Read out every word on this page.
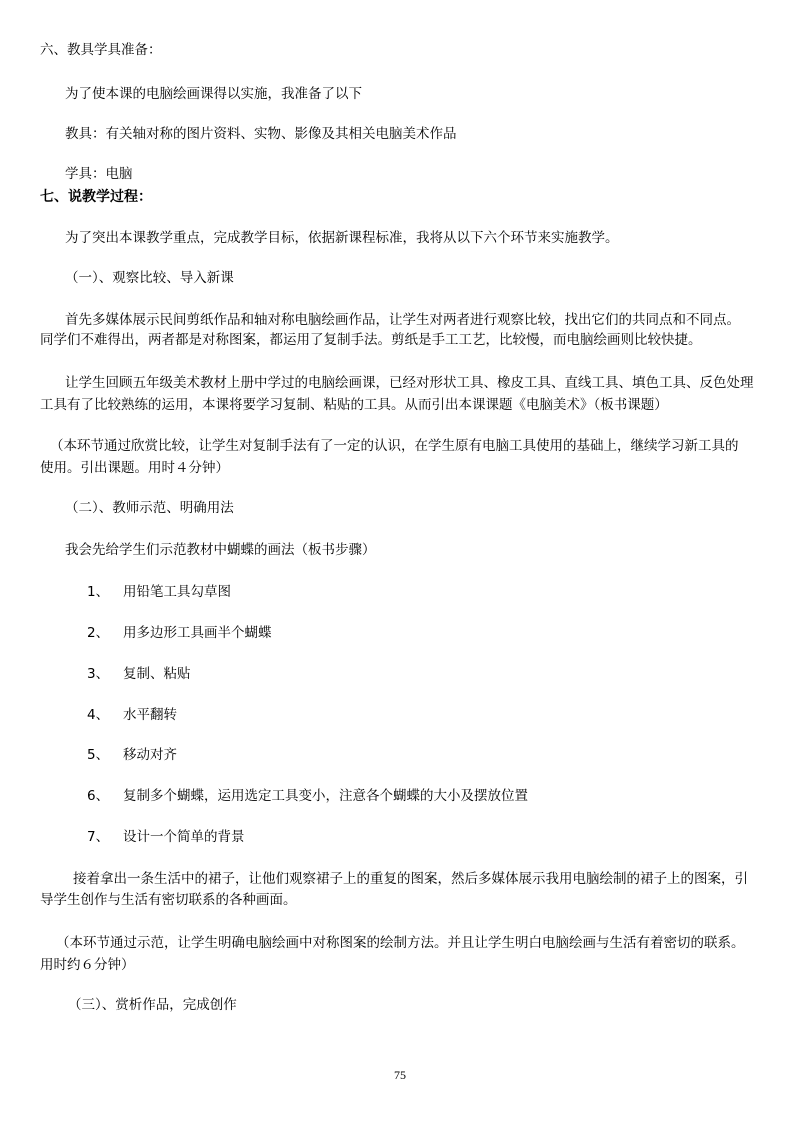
六、教具学具准备：

为了使本课的电脑绘画课得以实施，我准备了以下

教具：有关轴对称的图片资料、实物、影像及其相关电脑美术作品

学具：电脑

七、说教学过程：

为了突出本课教学重点，完成教学目标，依据新课程标准，我将从以下六个环节来实施教学。

（一）、观察比较、导入新课

首先多媒体展示民间剪纸作品和轴对称电脑绘画作品，让学生对两者进行观察比较，找出它们的共同点和不同点。

同学们不难得出，两者都是对称图案，都运用了复制手法。剪纸是手工工艺，比较慢，而电脑绘画则比较快捷。

让学生回顾五年级美术教材上册中学过的电脑绘画课，已经对形状工具、橡皮工具、直线工具、填色工具、反色处理

工具有了比较熟练的运用，本课将要学习复制、粘贴的工具。从而引出本课课题《电脑美术》（板书课题）

（本环节通过欣赏比较，让学生对复制手法有了一定的认识，在学生原有电脑工具使用的基础上，继续学习新工具的

使用。引出课题。用时４分钟）

（二）、教师示范、明确用法

我会先给学生们示范教材中蝴蝶的画法（板书步骤）

1、 用铅笔工具勾草图

2、 用多边形工具画半个蝴蝶

3、 复制、粘贴

4、 水平翻转

5、 移动对齐

6、 复制多个蝴蝶，运用选定工具变小，注意各个蝴蝶的大小及摆放位置

7、 设计一个简单的背景

接着拿出一条生活中的裙子，让他们观察裙子上的重复的图案，然后多媒体展示我用电脑绘制的裙子上的图案，引

导学生创作与生活有密切联系的各种画面。

（本环节通过示范，让学生明确电脑绘画中对称图案的绘制方法。并且让学生明白电脑绘画与生活有着密切的联系。

用时约６分钟）

（三）、赏析作品，完成创作

75
